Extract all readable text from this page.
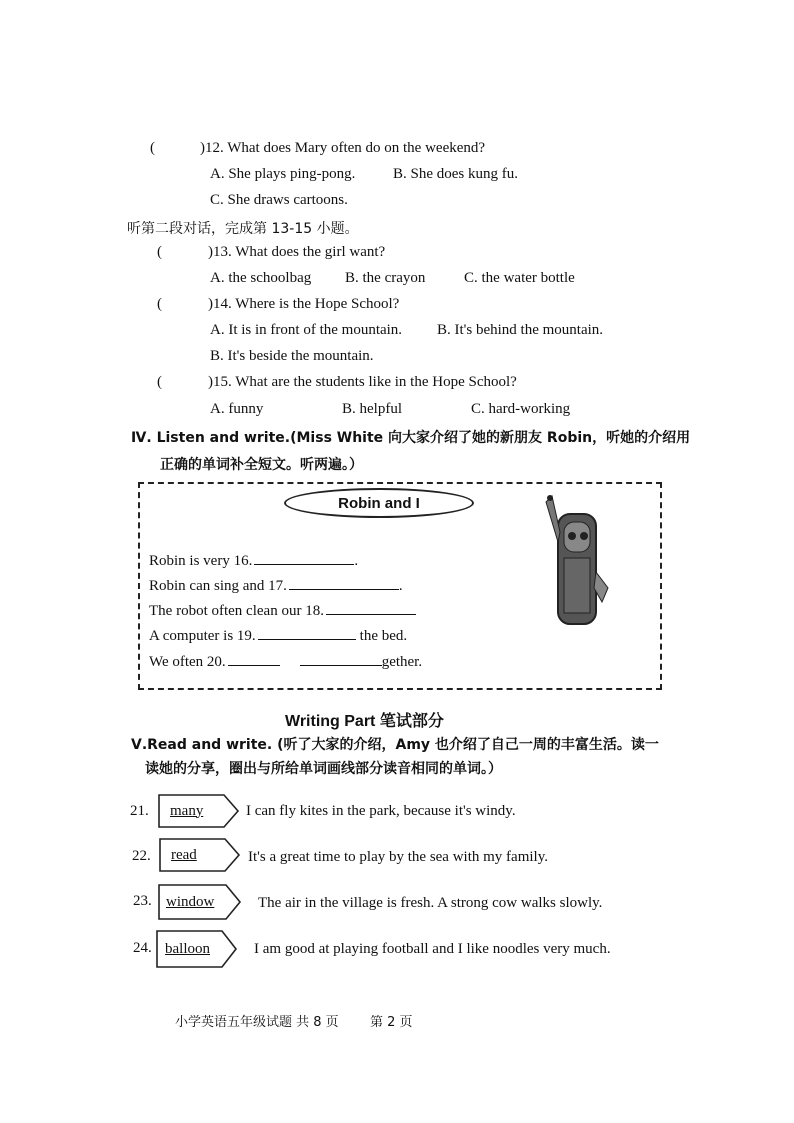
(	)12. What does Mary often do on the weekend?
A. She plays ping-pong.	B. She does kung fu.
C. She draws cartoons.
听第二段对话，完成第 13-15 小题。
(	)13. What does the girl want?
A. the schoolbag B. the crayon	C. the water bottle
(	)14. Where is the Hope School?
A. It is in front of the mountain. B. It's behind the mountain.
B. It's beside the mountain.
(	)15. What are the students like in the Hope School?
A. funny	B. helpful	C. hard-working
Ⅳ. Listen and write.(Miss White 向大家介绍了她的新朋友 Robin，听她的介绍用
正确的单词补全短文。听两遍。）
Robin and I
Robin is very 16.	.
Robin can sing and 17.	.
The robot often clean our 18.
A computer is 19.	the bed.
We often 20.	gether.
Writing Part 笔试部分
Ⅴ.Read and write. (听了大家的介绍，Amy 也介绍了自己一周的丰富生活。读一
读她的分享，圈出与所给单词画线部分读音相同的单词。）
21.	many	I can fly kites in the park, because it's windy.
22.	read	It's a great time to play by the sea with my family.
23. window	The air in the village is fresh. A strong cow walks slowly.
24. balloon	I am good at playing football and I like noodles very much.
小学英语五年级试题 共 8 页 第 2 页
